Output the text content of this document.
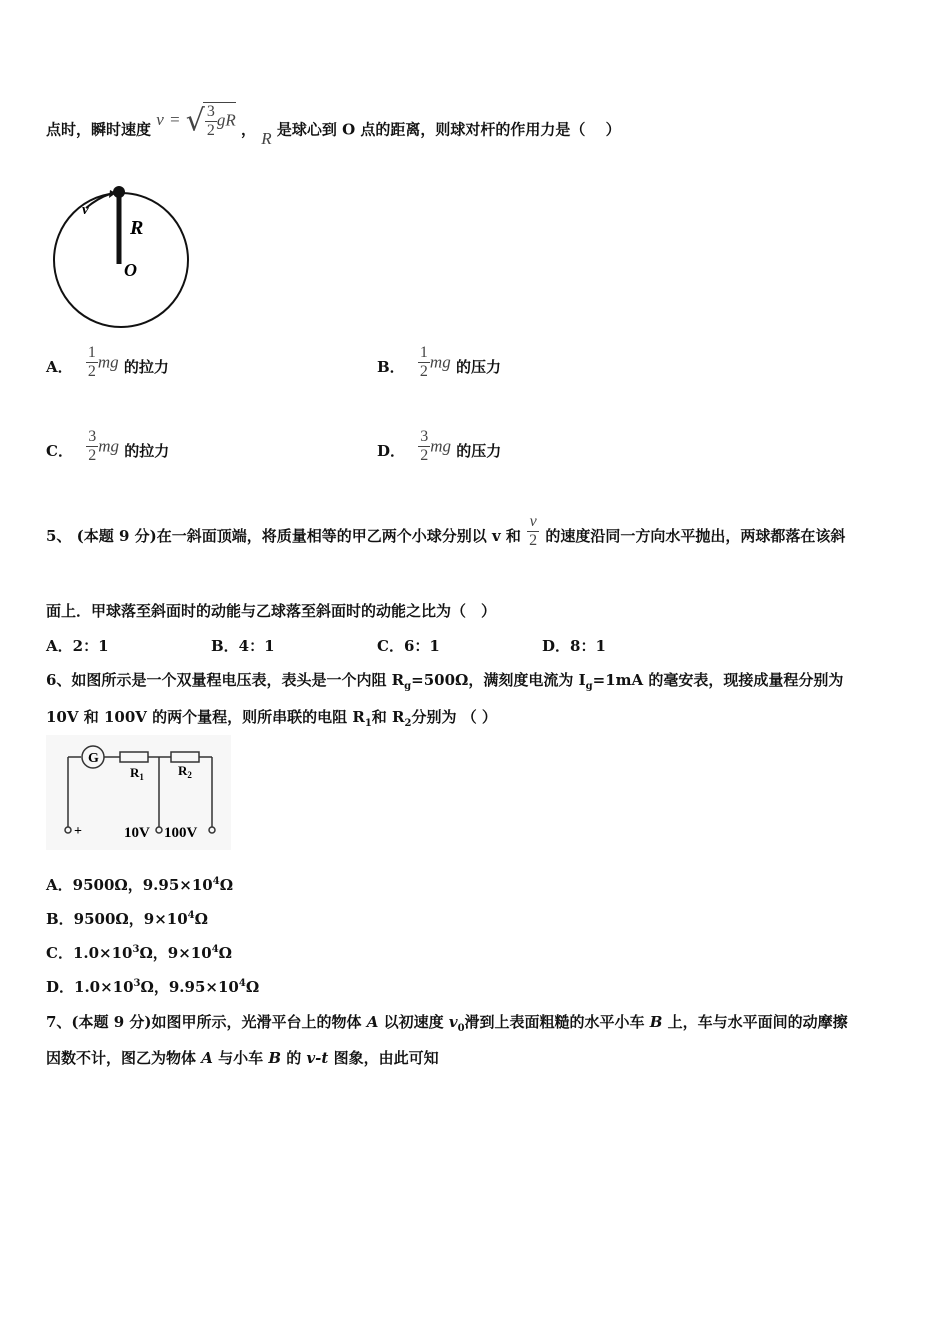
点时，瞬时速度 v = √ $\frac{3}{2}$ gR ， R 是球心到 O 点的距离，则球对杆的作用力是（　 ）
v
R
O
A． $\frac{1}{2}$ mg 的拉力	B． $\frac{1}{2}$ mg 的压力
C． $\frac{3}{2}$ mg 的拉力	D． $\frac{3}{2}$ mg 的压力
5、 (本题 9 分)在一斜面顶端，将质量相等的甲乙两个小球分别以 v 和 $\frac{v}{2}$ 的速度沿同一方向水平抛出，两球都落在该斜
面上．甲球落至斜面时的动能与乙球落至斜面时的动能之比为（　）
A．2：1	B．4：1	C．6：1	D．8：1
6、如图所示是一个双量程电压表，表头是一个内阻 $R_g=500\Omega$，满刻度电流为 $I_g=1mA$ 的毫安表，现接成量程分别为
10V 和 100V 的两个量程，则所串联的电阻 $R_1$和 $R_2$分别为 （ ）
G
$R_1$	$R_2$
+	10V 100V
A．9500Ω，$9.95\times 10^4\Omega$
B．9500Ω，$9\times 10^4\Omega$
C．$1.0\times 10^3\Omega$，$9\times 10^4\Omega$
D．$1.0\times 10^3\Omega$，$9.95\times 10^4\Omega$
7、(本题 9 分)如图甲所示，光滑平台上的物体 A 以初速度 $v_0$滑到上表面粗糙的水平小车 B 上，车与水平面间的动摩擦
因数不计，图乙为物体 A 与小车 B 的 v-t 图象，由此可知
